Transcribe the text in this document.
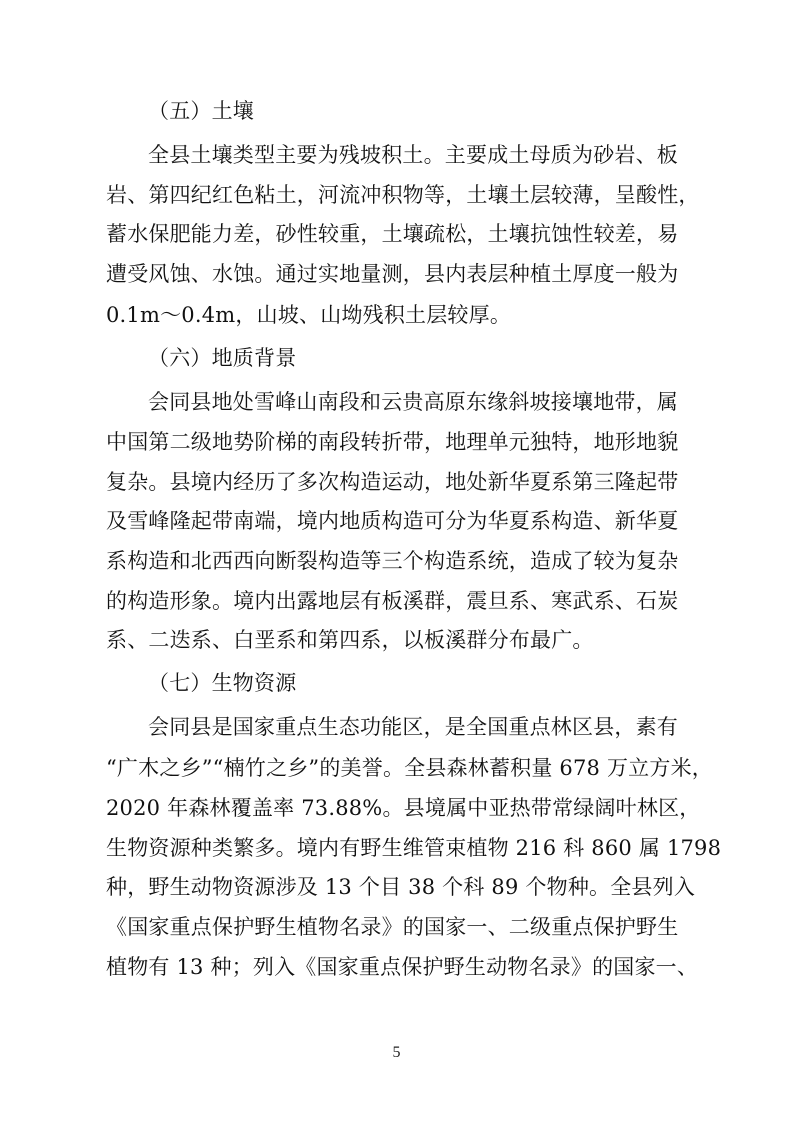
（五）土壤
全县土壤类型主要为残坡积土。主要成土母质为砂岩、板
岩、第四纪红色粘土，河流冲积物等，土壤土层较薄，呈酸性，
蓄水保肥能力差，砂性较重，土壤疏松，土壤抗蚀性较差，易
遭受风蚀、水蚀。通过实地量测，县内表层种植土厚度一般为
0.1m～0.4m，山坡、山坳残积土层较厚。
（六）地质背景
会同县地处雪峰山南段和云贵高原东缘斜坡接壤地带，属
中国第二级地势阶梯的南段转折带，地理单元独特，地形地貌
复杂。县境内经历了多次构造运动，地处新华夏系第三隆起带
及雪峰隆起带南端，境内地质构造可分为华夏系构造、新华夏
系构造和北西西向断裂构造等三个构造系统，造成了较为复杂
的构造形象。境内出露地层有板溪群，震旦系、寒武系、石炭
系、二迭系、白垩系和第四系，以板溪群分布最广。
（七）生物资源
会同县是国家重点生态功能区，是全国重点林区县，素有
“广木之乡”“楠竹之乡”的美誉。全县森林蓄积量 678 万立方米，
2020 年森林覆盖率 73.88%。县境属中亚热带常绿阔叶林区，
生物资源种类繁多。境内有野生维管束植物 216 科 860 属 1798
种，野生动物资源涉及 13 个目 38 个科 89 个物种。全县列入
《国家重点保护野生植物名录》的国家一、二级重点保护野生
植物有 13 种；列入《国家重点保护野生动物名录》的国家一、
5
